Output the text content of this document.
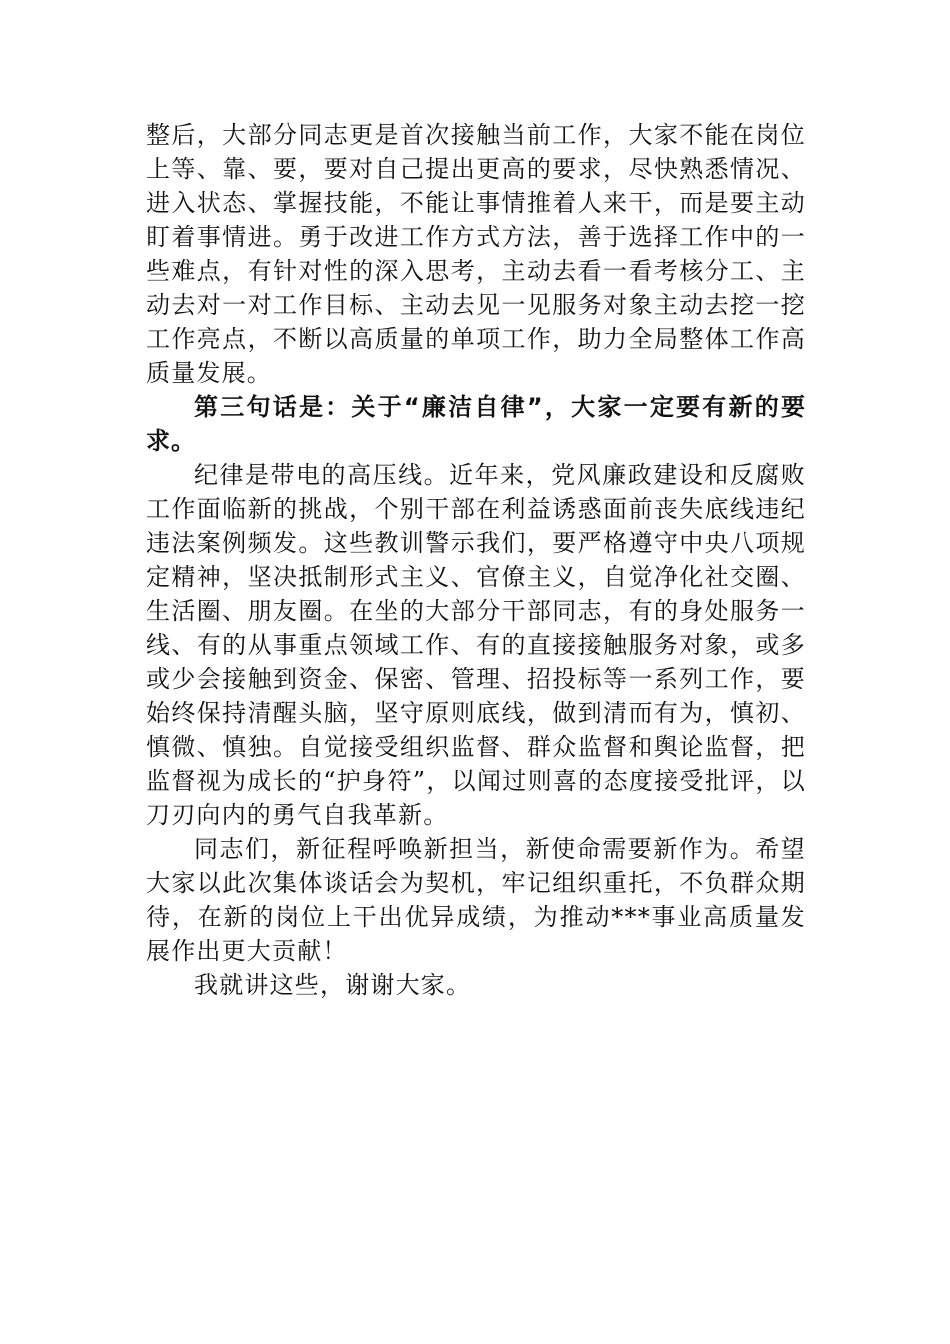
整后，大部分同志更是首次接触当前工作，大家不能在岗位上等、靠、要，要对自己提出更高的要求，尽快熟悉情况、进入状态、掌握技能，不能让事情推着人来干，而是要主动盯着事情进。勇于改进工作方式方法，善于选择工作中的一些难点，有针对性的深入思考，主动去看一看考核分工、主动去对一对工作目标、主动去见一见服务对象主动去挖一挖工作亮点，不断以高质量的单项工作，助力全局整体工作高质量发展。

第三句话是：关于“廉洁自律”，大家一定要有新的要求。

纪律是带电的高压线。近年来，党风廉政建设和反腐败工作面临新的挑战，个别干部在利益诱惑面前丧失底线违纪违法案例频发。这些教训警示我们，要严格遵守中央八项规定精神，坚决抵制形式主义、官僚主义，自觉净化社交圈、生活圈、朋友圈。在坐的大部分干部同志，有的身处服务一线、有的从事重点领域工作、有的直接接触服务对象，或多或少会接触到资金、保密、管理、招投标等一系列工作，要始终保持清醒头脑，坚守原则底线，做到清而有为，慎初、慎微、慎独。自觉接受组织监督、群众监督和舆论监督，把监督视为成长的“护身符”，以闻过则喜的态度接受批评，以刀刃向内的勇气自我革新。

同志们，新征程呼唤新担当，新使命需要新作为。希望大家以此次集体谈话会为契机，牢记组织重托，不负群众期待，在新的岗位上干出优异成绩，为推动***事业高质量发展作出更大贡献！

我就讲这些，谢谢大家。
